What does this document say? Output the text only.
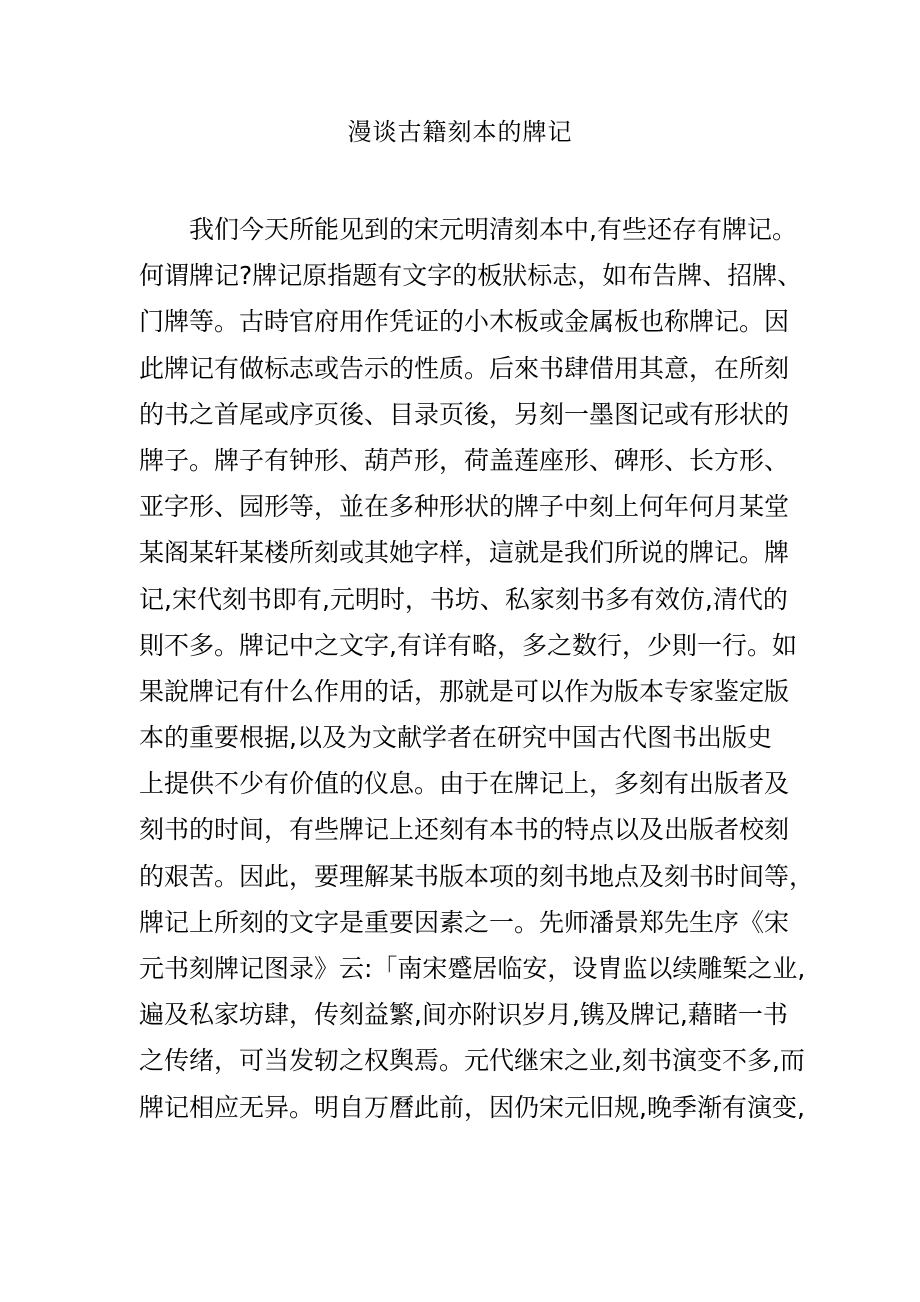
漫谈古籍刻本的牌记
我们今天所能见到的宋元明清刻本中,有些还存有牌记。
何谓牌记?牌记原指题有文字的板狀标志，如布告牌、招牌、
门牌等。古時官府用作凭证的小木板或金属板也称牌记。因
此牌记有做标志或告示的性质。后來书肆借用其意，在所刻
的书之首尾或序页後、目录页後，另刻一墨图记或有形状的
牌子。牌子有钟形、葫芦形，荷盖莲座形、碑形、长方形、
亚字形、园形等，並在多种形状的牌子中刻上何年何月某堂
某阁某轩某楼所刻或其她字样，這就是我们所说的牌记。牌
记,宋代刻书即有,元明时，书坊、私家刻书多有效仿,清代的
則不多。牌记中之文字,有详有略，多之数行，少則一行。如
果說牌记有什么作用的话，那就是可以作为版本专家鉴定版
本的重要根据,以及为文献学者在研究中国古代图书出版史
上提供不少有价值的仪息。由于在牌记上，多刻有出版者及
刻书的时间，有些牌记上还刻有本书的特点以及出版者校刻
的艰苦。因此，要理解某书版本项的刻书地点及刻书时间等，
牌记上所刻的文字是重要因素之一。先师潘景郑先生序《宋
元书刻牌记图录》云:「南宋蹙居临安，设胄监以续雕椠之业,
遍及私家坊肆，传刻益繁,间亦附识岁月,镌及牌记,藉睹一书
之传绪，可当发轫之权舆焉。元代继宋之业,刻书演变不多,而
牌记相应无异。明自万曆此前，因仍宋元旧规,晚季渐有演变,
